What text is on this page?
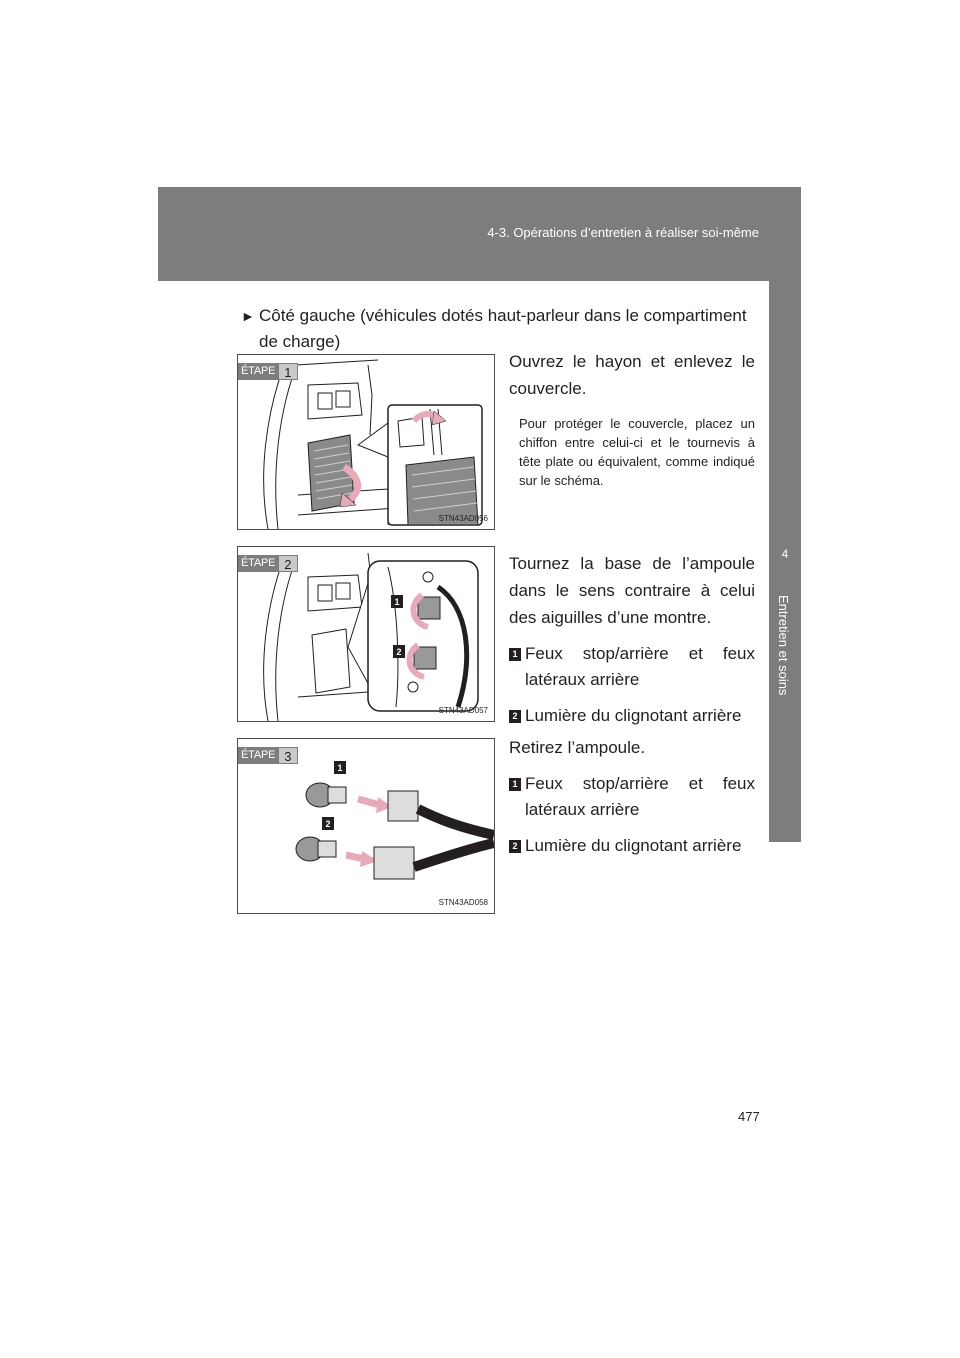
4-3. Opérations d’entretien à réaliser soi-même
4
Entretien et soins
► Côté gauche (véhicules dotés haut-parleur dans le compartiment
de charge)
ÉTAPE 1
STN43AD056

Ouvrez le hayon et enlevez le couvercle.

Pour protéger le couvercle, placez un chiffon entre celui-ci et le tournevis à tête plate ou équivalent, comme indiqué sur le schéma.

1
2
ÉTAPE 2
STN43AD057

Tournez la base de l’ampoule dans le sens contraire à celui des aiguilles d’une montre.

1 Feux stop/arrière et feux latéraux arrière
2 Lumière du clignotant arrière
1
2
ÉTAPE 3
STN43AD058

Retirez l’ampoule.

1 Feux stop/arrière et feux latéraux arrière
2 Lumière du clignotant arrière
477
